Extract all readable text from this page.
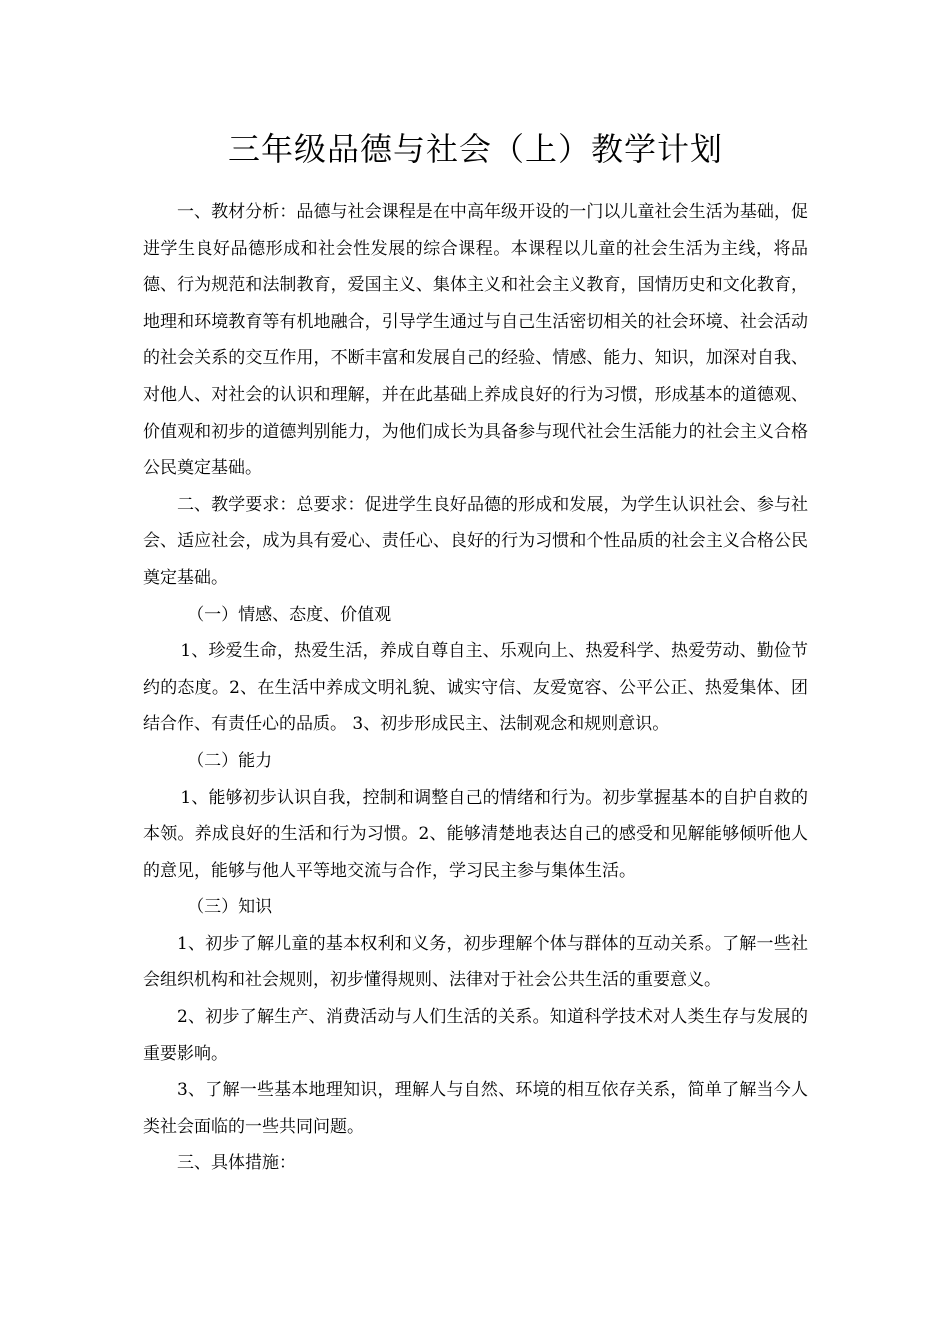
三年级品德与社会（上）教学计划

一、教材分析：品德与社会课程是在中高年级开设的一门以儿童社会生活为基础，促进学生良好品德形成和社会性发展的综合课程。本课程以儿童的社会生活为主线，将品德、行为规范和法制教育，爱国主义、集体主义和社会主义教育，国情历史和文化教育，地理和环境教育等有机地融合，引导学生通过与自己生活密切相关的社会环境、社会活动的社会关系的交互作用，不断丰富和发展自己的经验、情感、能力、知识，加深对自我、对他人、对社会的认识和理解，并在此基础上养成良好的行为习惯，形成基本的道德观、价值观和初步的道德判别能力，为他们成长为具备参与现代社会生活能力的社会主义合格公民奠定基础。

二、教学要求：总要求：促进学生良好品德的形成和发展，为学生认识社会、参与社会、适应社会，成为具有爱心、责任心、良好的行为习惯和个性品质的社会主义合格公民奠定基础。

（一）情感、态度、价值观

1、珍爱生命，热爱生活，养成自尊自主、乐观向上、热爱科学、热爱劳动、勤俭节约的态度。2、在生活中养成文明礼貌、诚实守信、友爱宽容、公平公正、热爱集体、团结合作、有责任心的品质。 3、初步形成民主、法制观念和规则意识。

（二）能力

1、能够初步认识自我，控制和调整自己的情绪和行为。初步掌握基本的自护自救的本领。养成良好的生活和行为习惯。2、能够清楚地表达自己的感受和见解能够倾听他人的意见，能够与他人平等地交流与合作，学习民主参与集体生活。

（三）知识

1、初步了解儿童的基本权利和义务，初步理解个体与群体的互动关系。了解一些社会组织机构和社会规则，初步懂得规则、法律对于社会公共生活的重要意义。

2、初步了解生产、消费活动与人们生活的关系。知道科学技术对人类生存与发展的重要影响。

3、了解一些基本地理知识，理解人与自然、环境的相互依存关系，简单了解当今人类社会面临的一些共同问题。

三、具体措施：
